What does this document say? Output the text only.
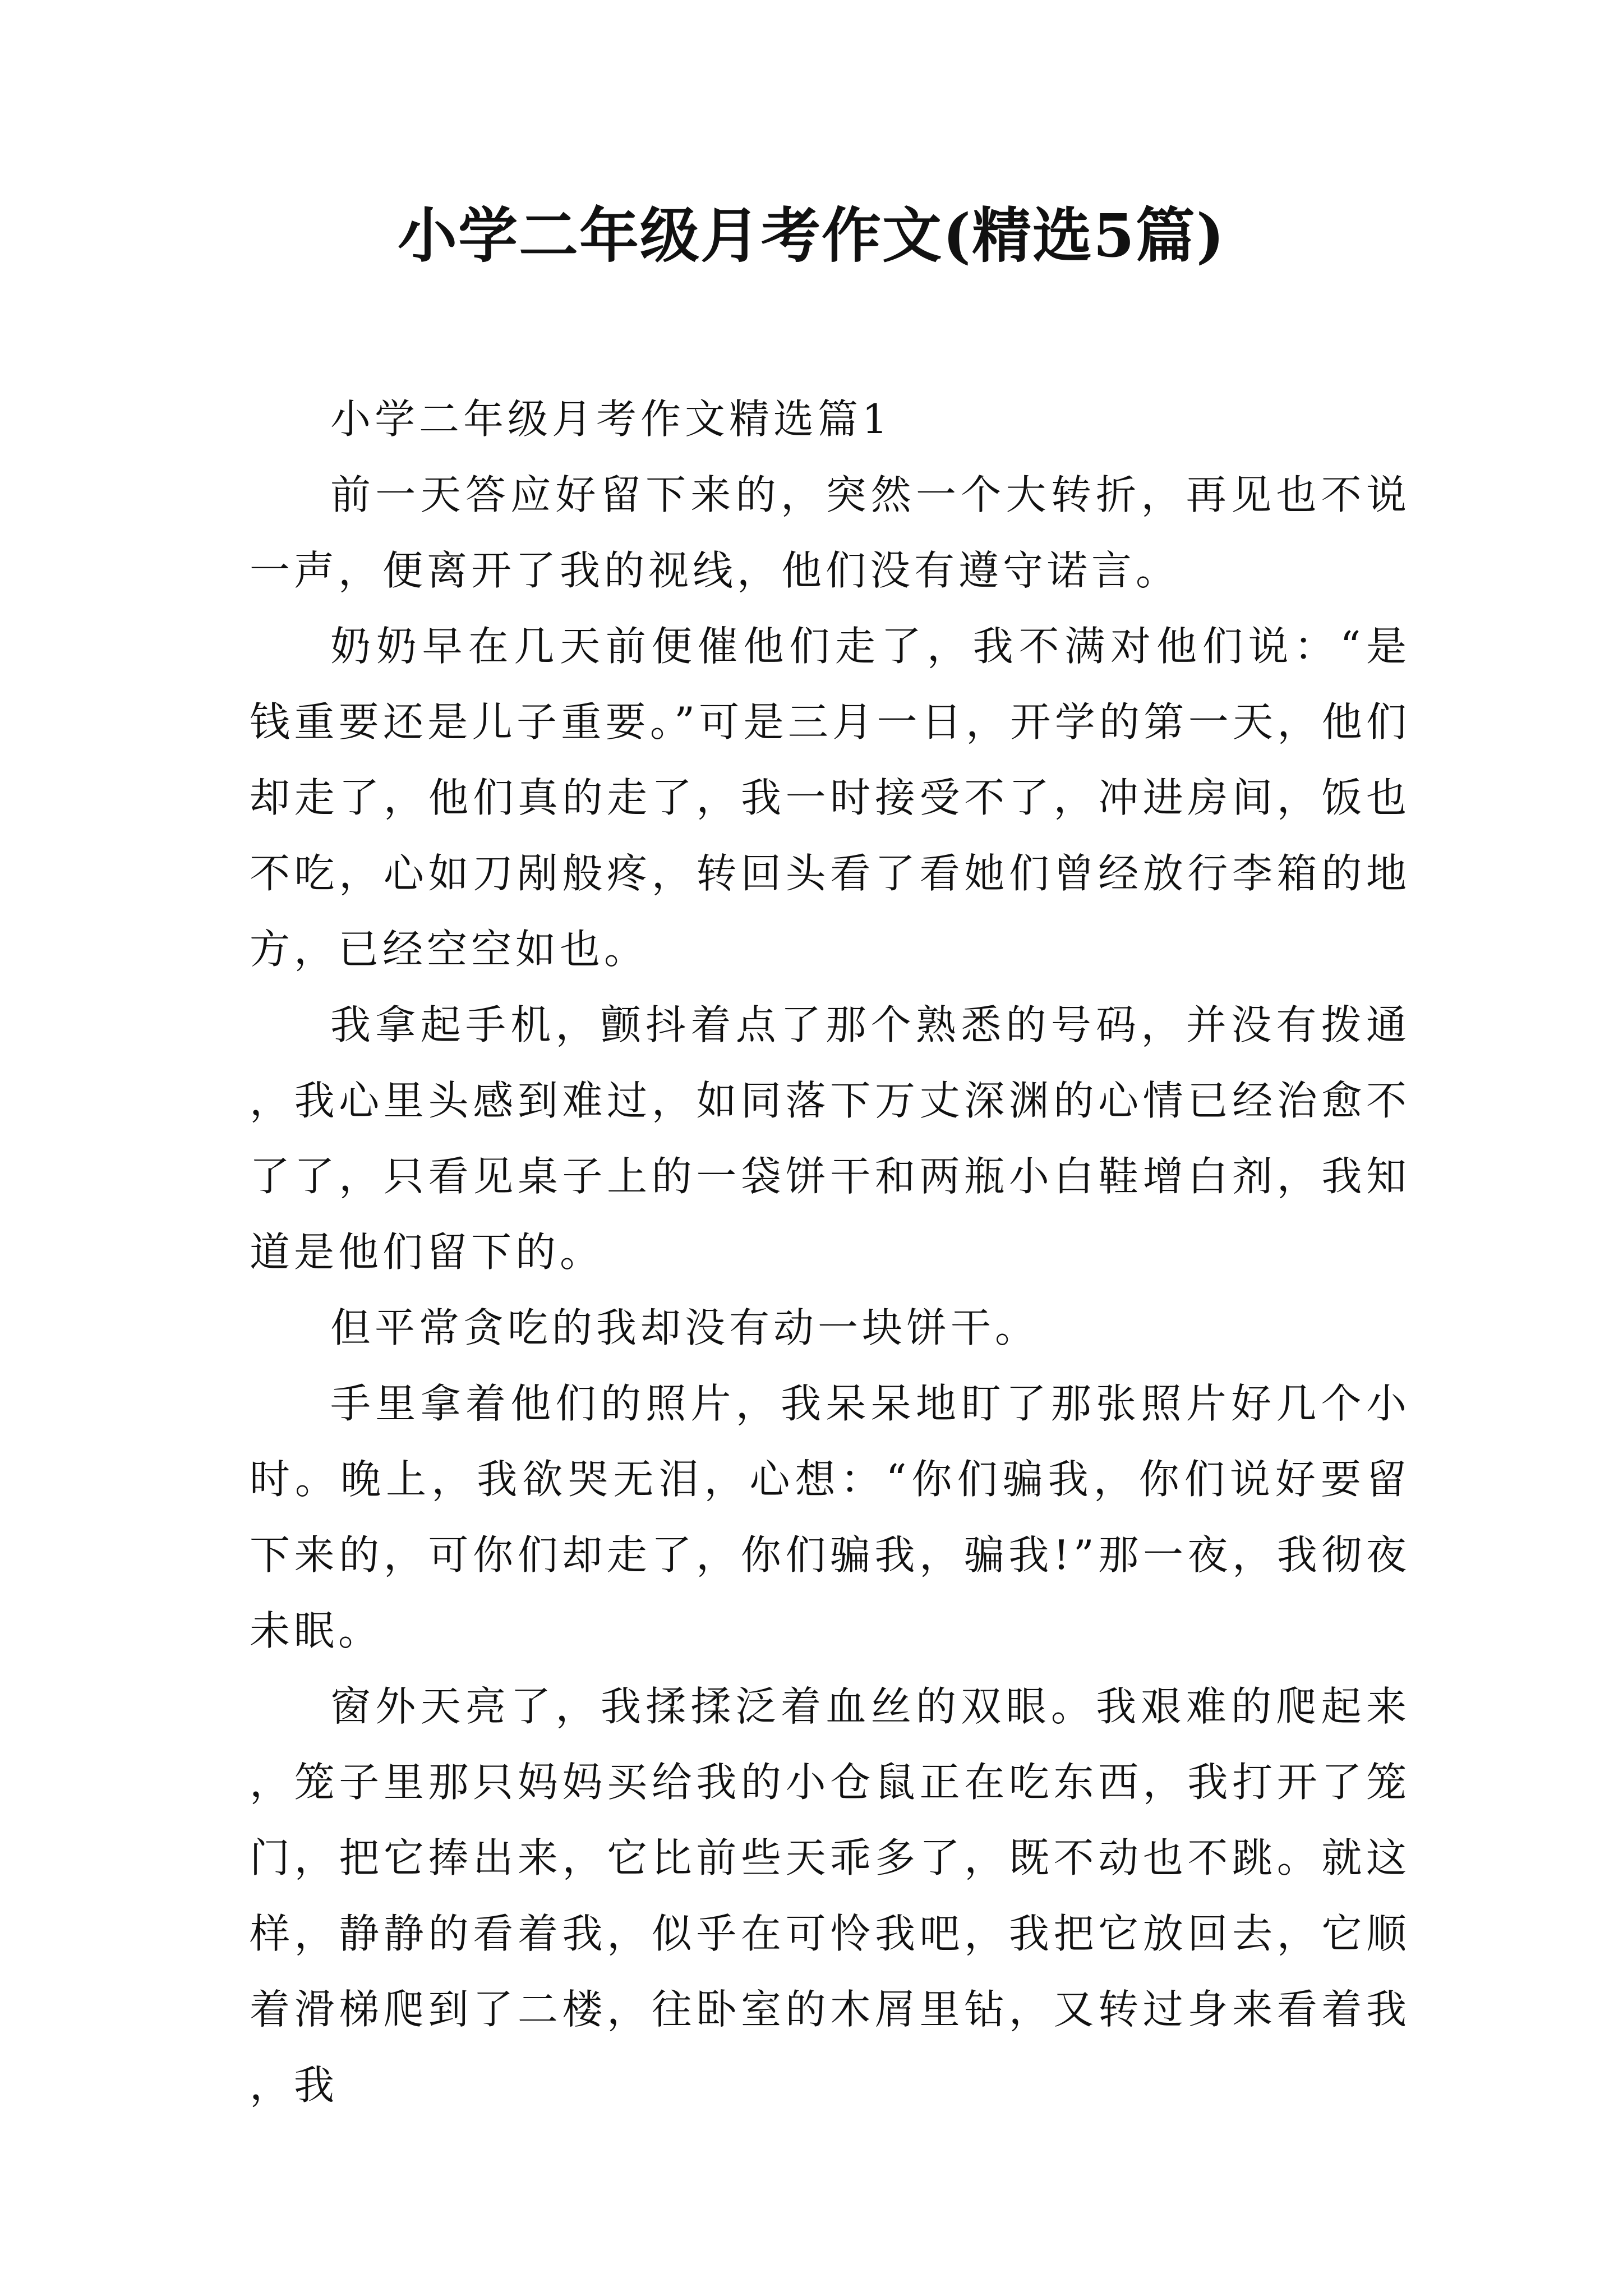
小学二年级月考作文(精选5篇)

小学二年级月考作文精选篇1

前一天答应好留下来的，突然一个大转折，再见也不说一声，便离开了我的视线，他们没有遵守诺言。

奶奶早在几天前便催他们走了，我不满对他们说：“是钱重要还是儿子重要。”可是三月一日，开学的第一天，他们却走了，他们真的走了，我一时接受不了，冲进房间，饭也不吃，心如刀剐般疼，转回头看了看她们曾经放行李箱的地方，已经空空如也。

我拿起手机，颤抖着点了那个熟悉的号码，并没有拨通，我心里头感到难过，如同落下万丈深渊的心情已经治愈不了了，只看见桌子上的一袋饼干和两瓶小白鞋增白剂，我知道是他们留下的。

但平常贪吃的我却没有动一块饼干。

手里拿着他们的照片，我呆呆地盯了那张照片好几个小时。晚上，我欲哭无泪，心想：“你们骗我，你们说好要留下来的，可你们却走了，你们骗我，骗我!”那一夜，我彻夜未眠。

窗外天亮了，我揉揉泛着血丝的双眼。我艰难的爬起来，笼子里那只妈妈买给我的小仓鼠正在吃东西，我打开了笼门，把它捧出来，它比前些天乖多了，既不动也不跳。就这样，静静的看着我，似乎在可怜我吧，我把它放回去，它顺着滑梯爬到了二楼，往卧室的木屑里钻，又转过身来看着我，我
